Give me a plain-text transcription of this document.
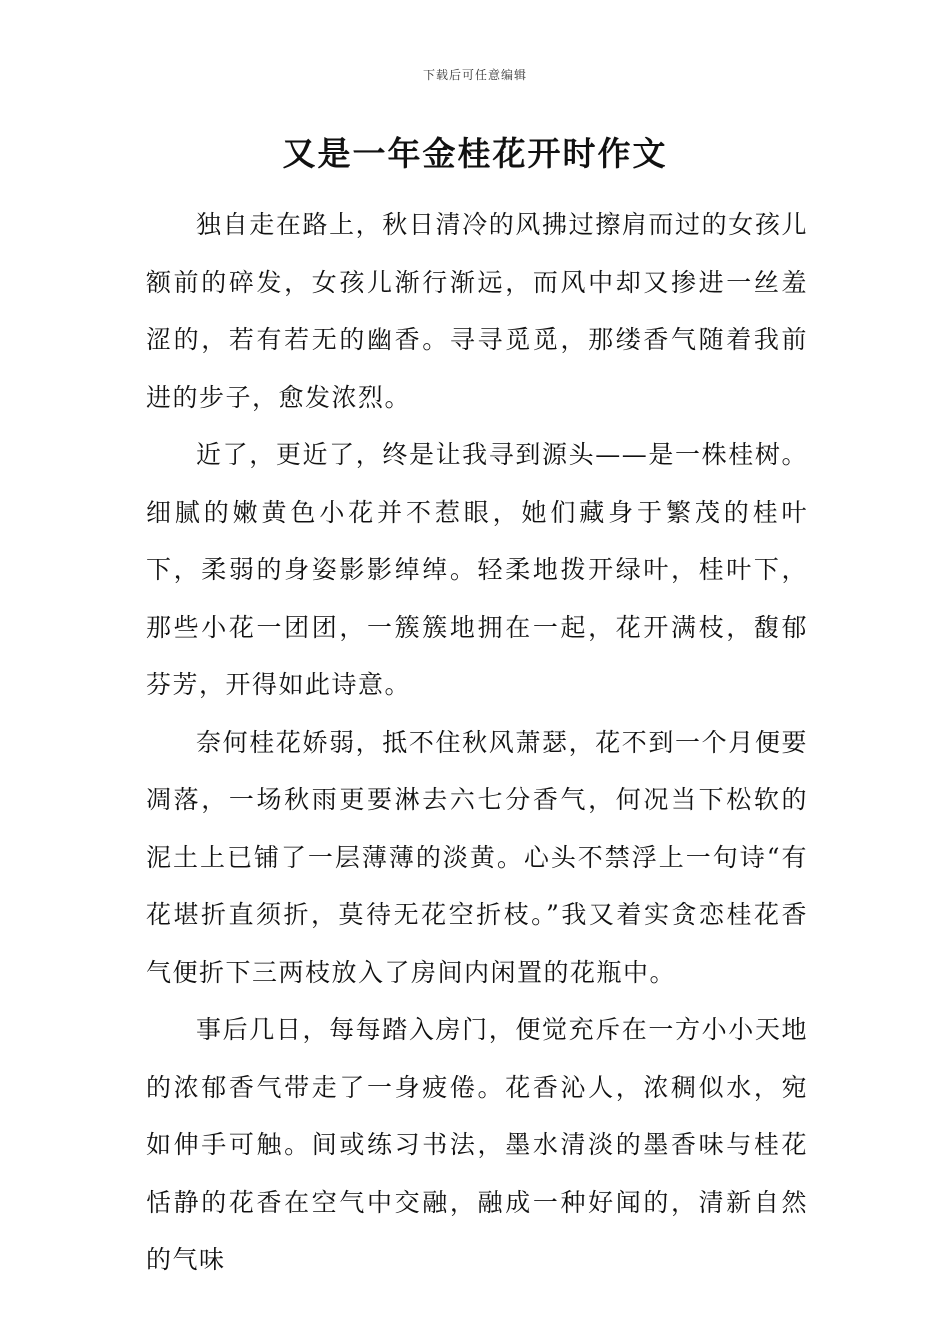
下载后可任意编辑
又是一年金桂花开时作文

独自走在路上，秋日清冷的风拂过擦肩而过的女孩儿额前的碎发，女孩儿渐行渐远，而风中却又掺进一丝羞涩的，若有若无的幽香。寻寻觅觅，那缕香气随着我前进的步子，愈发浓烈。

近了，更近了，终是让我寻到源头——是一株桂树。细腻的嫩黄色小花并不惹眼，她们藏身于繁茂的桂叶下，柔弱的身姿影影绰绰。轻柔地拨开绿叶，桂叶下，那些小花一团团，一簇簇地拥在一起，花开满枝，馥郁芬芳，开得如此诗意。

奈何桂花娇弱，抵不住秋风萧瑟，花不到一个月便要凋落，一场秋雨更要淋去六七分香气，何况当下松软的泥土上已铺了一层薄薄的淡黄。心头不禁浮上一句诗“有花堪折直须折，莫待无花空折枝。”我又着实贪恋桂花香气便折下三两枝放入了房间内闲置的花瓶中。

事后几日，每每踏入房门，便觉充斥在一方小小天地的浓郁香气带走了一身疲倦。花香沁人，浓稠似水，宛如伸手可触。间或练习书法，墨水清淡的墨香味与桂花恬静的花香在空气中交融，融成一种好闻的，清新自然的气味
